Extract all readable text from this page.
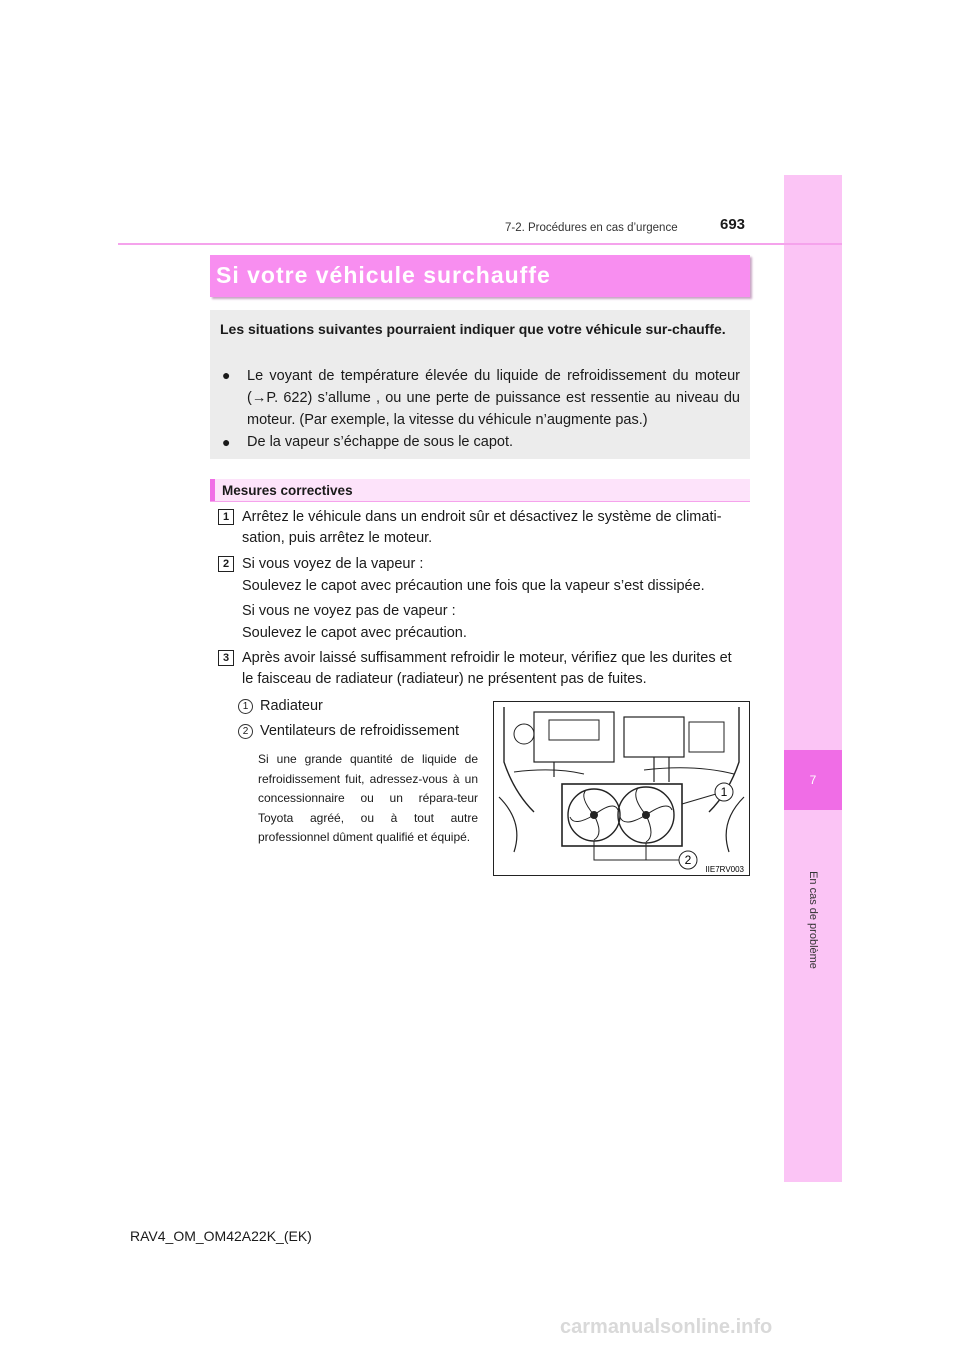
7
En cas de problème
7-2. Procédures en cas d’urgence	693
Si votre véhicule surchauffe
Les situations suivantes pourraient indiquer que votre véhicule sur-chauffe.
● Le voyant de température élevée du liquide de refroidissement du moteur (→P. 622) s’allume , ou une perte de puissance est ressentie au niveau du moteur. (Par exemple, la vitesse du véhicule n’augmente pas.)
● De la vapeur s’échappe de sous le capot.
Mesures correctives
1 Arrêtez le véhicule dans un endroit sûr et désactivez le système de climati-sation, puis arrêtez le moteur.
2 Si vous voyez de la vapeur :
Soulevez le capot avec précaution une fois que la vapeur s’est dissipée.
Si vous ne voyez pas de vapeur :
Soulevez le capot avec précaution.
3 Après avoir laissé suffisamment refroidir le moteur, vérifiez que les durites et le faisceau de radiateur (radiateur) ne présentent pas de fuites.
1 Radiateur
2 Ventilateurs de refroidissement
Si une grande quantité de liquide de refroidissement fuit, adressez-vous à un concessionnaire ou un répara-teur Toyota agréé, ou à tout autre professionnel dûment qualifié et équipé.
1
2
IIE7RV003
RAV4_OM_OM42A22K_(EK)
carmanualsonline.info
